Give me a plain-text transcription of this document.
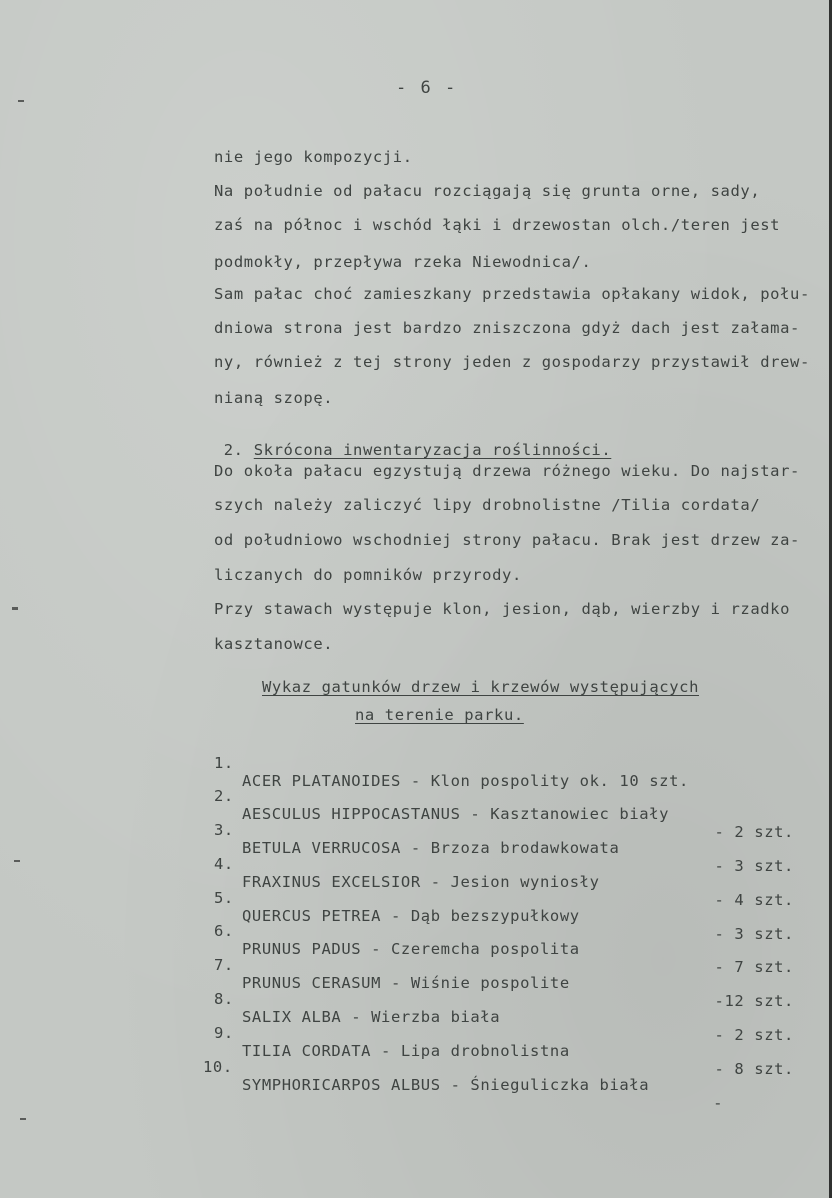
- 6 -
nie jego kompozycji.
Na południe od pałacu rozciągają się grunta orne, sady,
zaś na północ i wschód łąki i drzewostan olch./teren jest
podmokły, przepływa rzeka Niewodnica/.
Sam pałac choć zamieszkany przedstawia opłakany widok, połu-
dniowa strona jest bardzo zniszczona gdyż dach jest załama-
ny, również z tej strony jeden z gospodarzy przystawił drew-
nianą szopę.

2. Skrócona inwentaryzacja roślinności.

Do okoła pałacu egzystują drzewa różnego wieku. Do najstar-
szych należy zaliczyć lipy drobnolistne /Tilia cordata/
od południowo wschodniej strony pałacu. Brak jest drzew za-
liczanych do pomników przyrody.
Przy stawach występuje klon, jesion, dąb, wierzby i rzadko
kasztanowce.
Wykaz gatunków drzew i krzewów występujących
na terenie parku.

1.

ACER PLATANOIDES - Klon pospolity ok. 10 szt.

2.

AESCULUS HIPPOCASTANUS - Kasztanowiec biały

- 2 szt.

3.

BETULA VERRUCOSA - Brzoza brodawkowata

- 3 szt.

4.

FRAXINUS EXCELSIOR - Jesion wyniosły

- 4 szt.

5.

QUERCUS PETREA - Dąb bezszypułkowy

- 3 szt.

6.

PRUNUS PADUS - Czeremcha pospolita

- 7 szt.

7.

PRUNUS CERASUM - Wiśnie pospolite

-12 szt.

8.

SALIX ALBA - Wierzba biała

- 2 szt.

9.

TILIA CORDATA - Lipa drobnolistna

- 8 szt.

10.

SYMPHORICARPOS ALBUS - Śnieguliczka biała

-
